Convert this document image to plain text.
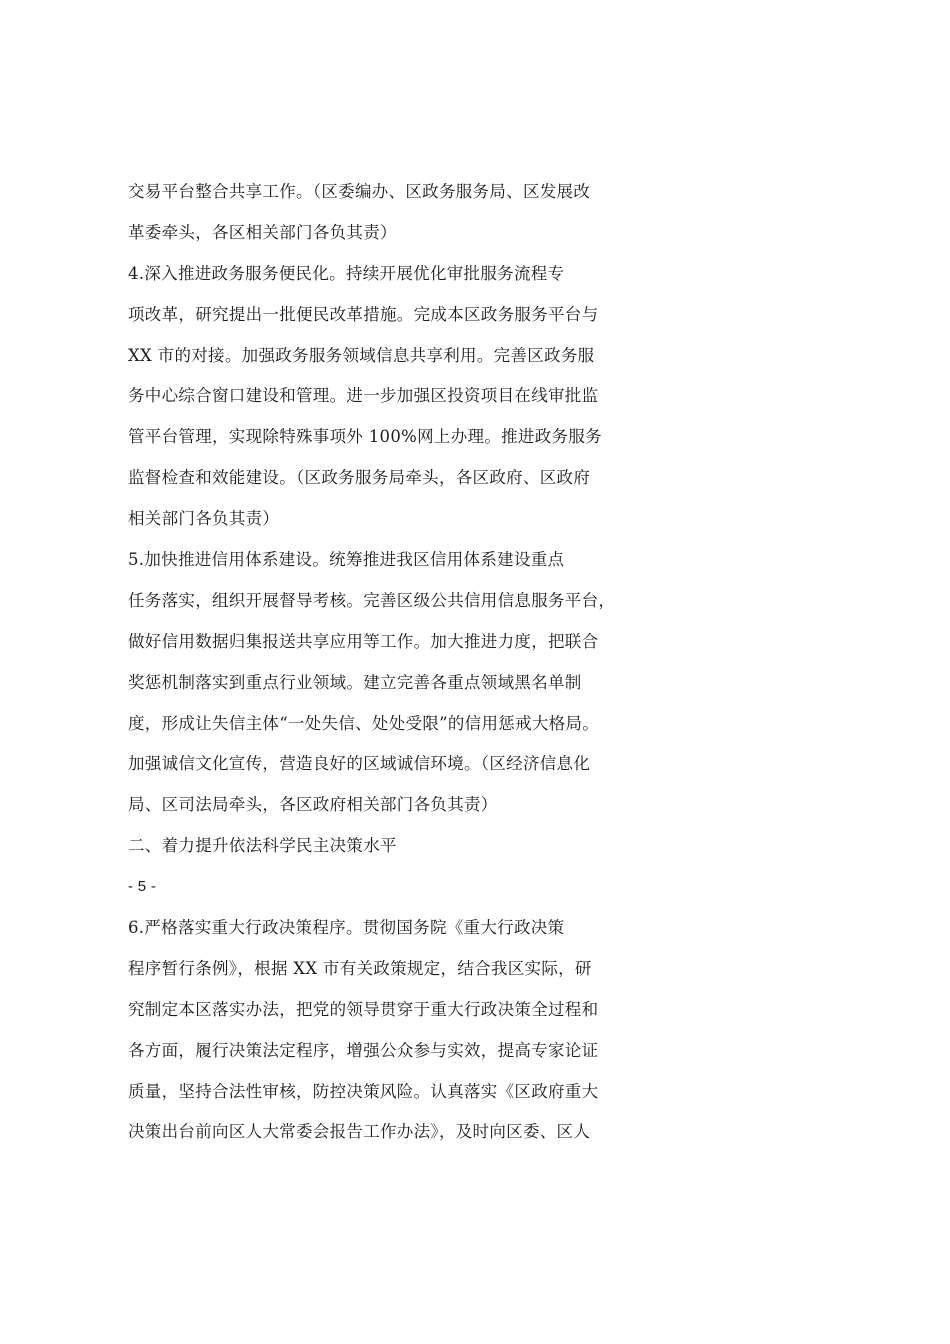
交易平台整合共享工作。（区委编办、区政务服务局、区发展改
革委牵头，各区相关部门各负其责）
4.深入推进政务服务便民化。持续开展优化审批服务流程专
项改革，研究提出一批便民改革措施。完成本区政务服务平台与
XX 市的对接。加强政务服务领域信息共享利用。完善区政务服
务中心综合窗口建设和管理。进一步加强区投资项目在线审批监
管平台管理，实现除特殊事项外 100%网上办理。推进政务服务
监督检查和效能建设。（区政务服务局牵头，各区政府、区政府
相关部门各负其责）
5.加快推进信用体系建设。统筹推进我区信用体系建设重点
任务落实，组织开展督导考核。完善区级公共信用信息服务平台，
做好信用数据归集报送共享应用等工作。加大推进力度，把联合
奖惩机制落实到重点行业领域。建立完善各重点领域黑名单制
度，形成让失信主体“一处失信、处处受限”的信用惩戒大格局。
加强诚信文化宣传，营造良好的区域诚信环境。（区经济信息化
局、区司法局牵头，各区政府相关部门各负其责）
二、着力提升依法科学民主决策水平
- 5 -
6.严格落实重大行政决策程序。贯彻国务院《重大行政决策
程序暂行条例》，根据 XX 市有关政策规定，结合我区实际，研
究制定本区落实办法，把党的领导贯穿于重大行政决策全过程和
各方面，履行决策法定程序，增强公众参与实效，提高专家论证
质量，坚持合法性审核，防控决策风险。认真落实《区政府重大
决策出台前向区人大常委会报告工作办法》，及时向区委、区人
